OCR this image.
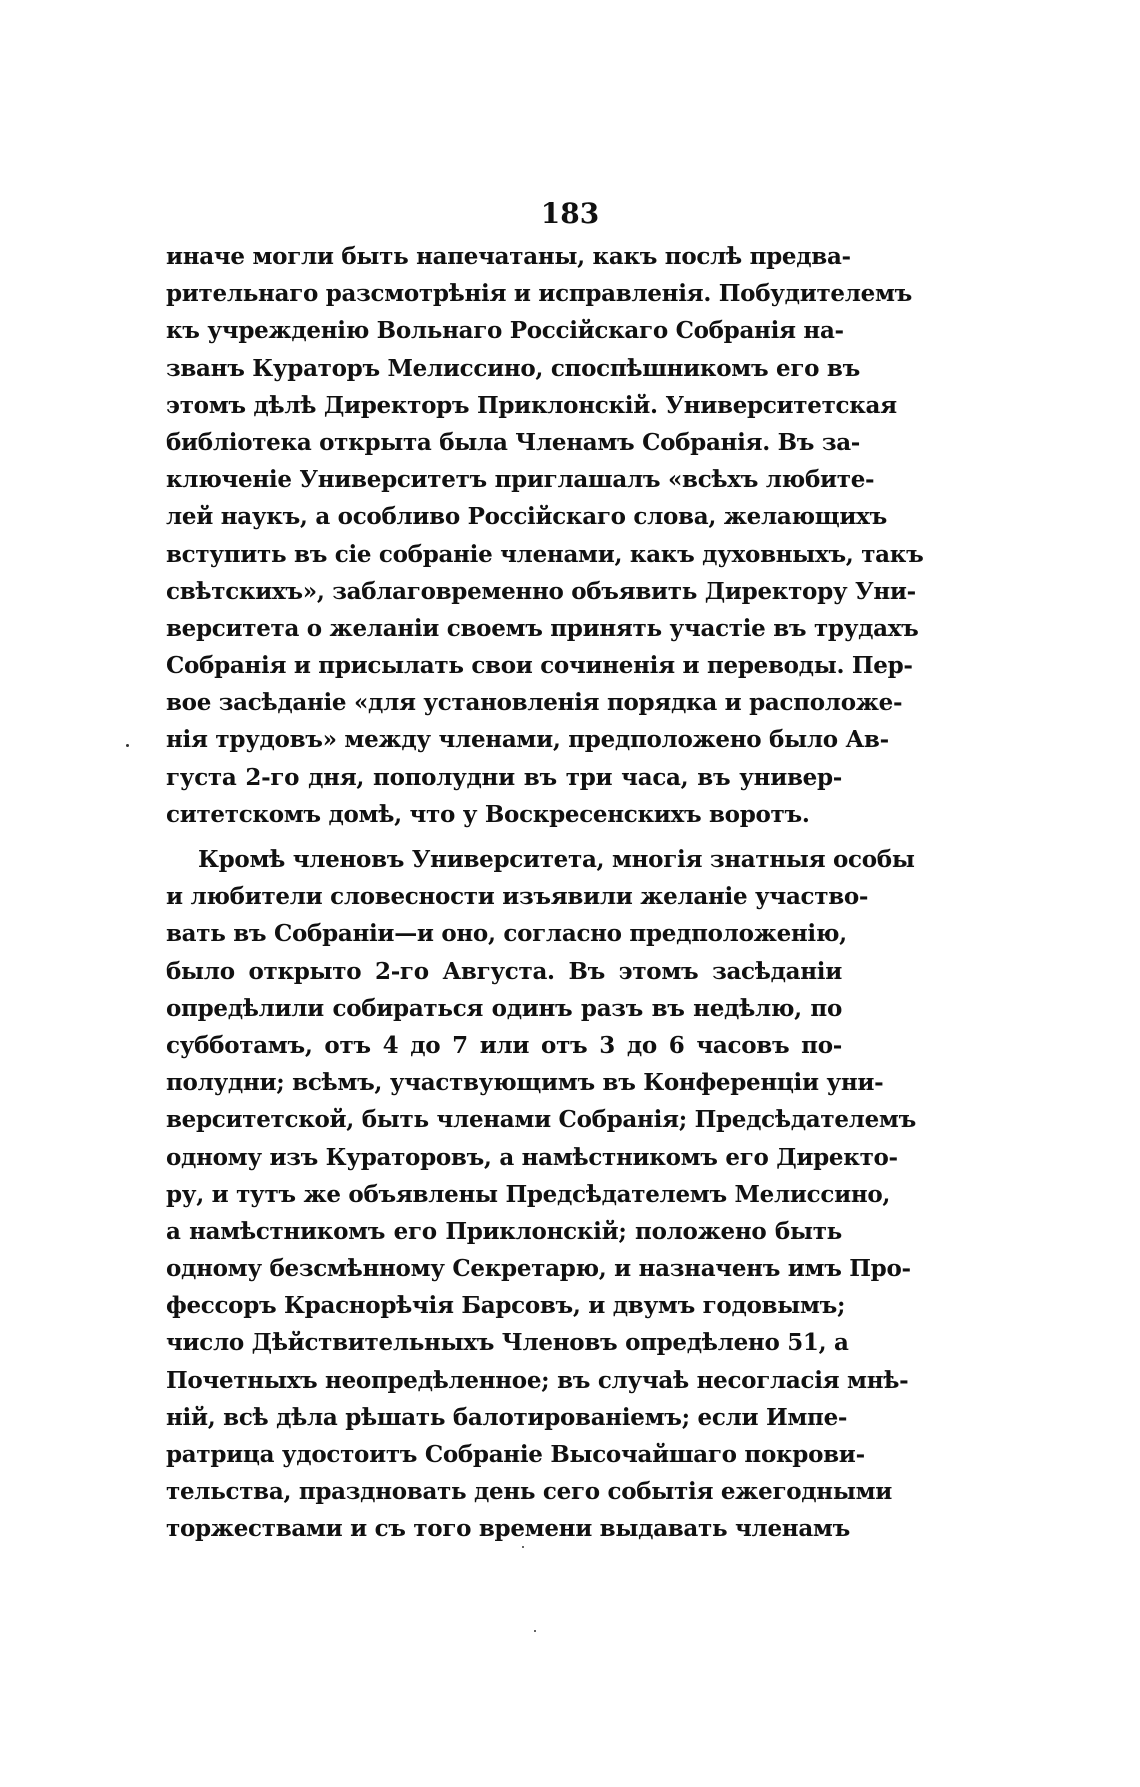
183
иначе могли быть напечатаны, какъ послѣ предва-
рительнаго разсмотрѣнія и исправленія. Побудителемъ
къ учрежденію Вольнаго Россійскаго Собранія на-
званъ Кураторъ Мелиссино, споспѣшникомъ его въ
этомъ дѣлѣ Директоръ Приклонскій. Университетская
библіотека открыта была Членамъ Собранія. Въ за-
ключеніе Университетъ приглашалъ «всѣхъ любите-
лей наукъ, а особливо Россійскаго слова, желающихъ
вступить въ сіе собраніе членами, какъ духовныхъ, такъ
свѣтскихъ», заблаговременно объявить Директору Уни-
верситета о желаніи своемъ принять участіе въ трудахъ
Собранія и присылать свои сочиненія и переводы. Пер-
вое засѣданіе «для установленія порядка и расположе-
нія трудовъ» между членами, предположено было Ав-
густа 2-го дня, пополудни въ три часа, въ универ-
ситетскомъ домѣ, что у Воскресенскихъ воротъ.
Кромѣ членовъ Университета, многія знатныя особы
и любители словесности изъявили желаніе участво-
вать въ Собраніи—и оно, согласно предположенію,
было открыто 2-го Августа. Въ этомъ засѣданіи
опредѣлили собираться одинъ разъ въ недѣлю, по
субботамъ, отъ 4 до 7 или отъ 3 до 6 часовъ по-
полудни; всѣмъ, участвующимъ въ Конференціи уни-
верситетской, быть членами Собранія; Предсѣдателемъ
одному изъ Кураторовъ, а намѣстникомъ его Директо-
ру, и тутъ же объявлены Предсѣдателемъ Мелиссино,
а намѣстникомъ его Приклонскій; положено быть
одному безсмѣнному Секретарю, и назначенъ имъ Про-
фессоръ Краснорѣчія Барсовъ, и двумъ годовымъ;
число Дѣйствительныхъ Членовъ опредѣлено 51, а
Почетныхъ неопредѣленное; въ случаѣ несогласія мнѣ-
ній, всѣ дѣла рѣшать балотированіемъ; если Импе-
ратрица удостоитъ Собраніе Высочайшаго покрови-
тельства, праздновать день сего событія ежегодными
торжествами и съ того времени выдавать членамъ
